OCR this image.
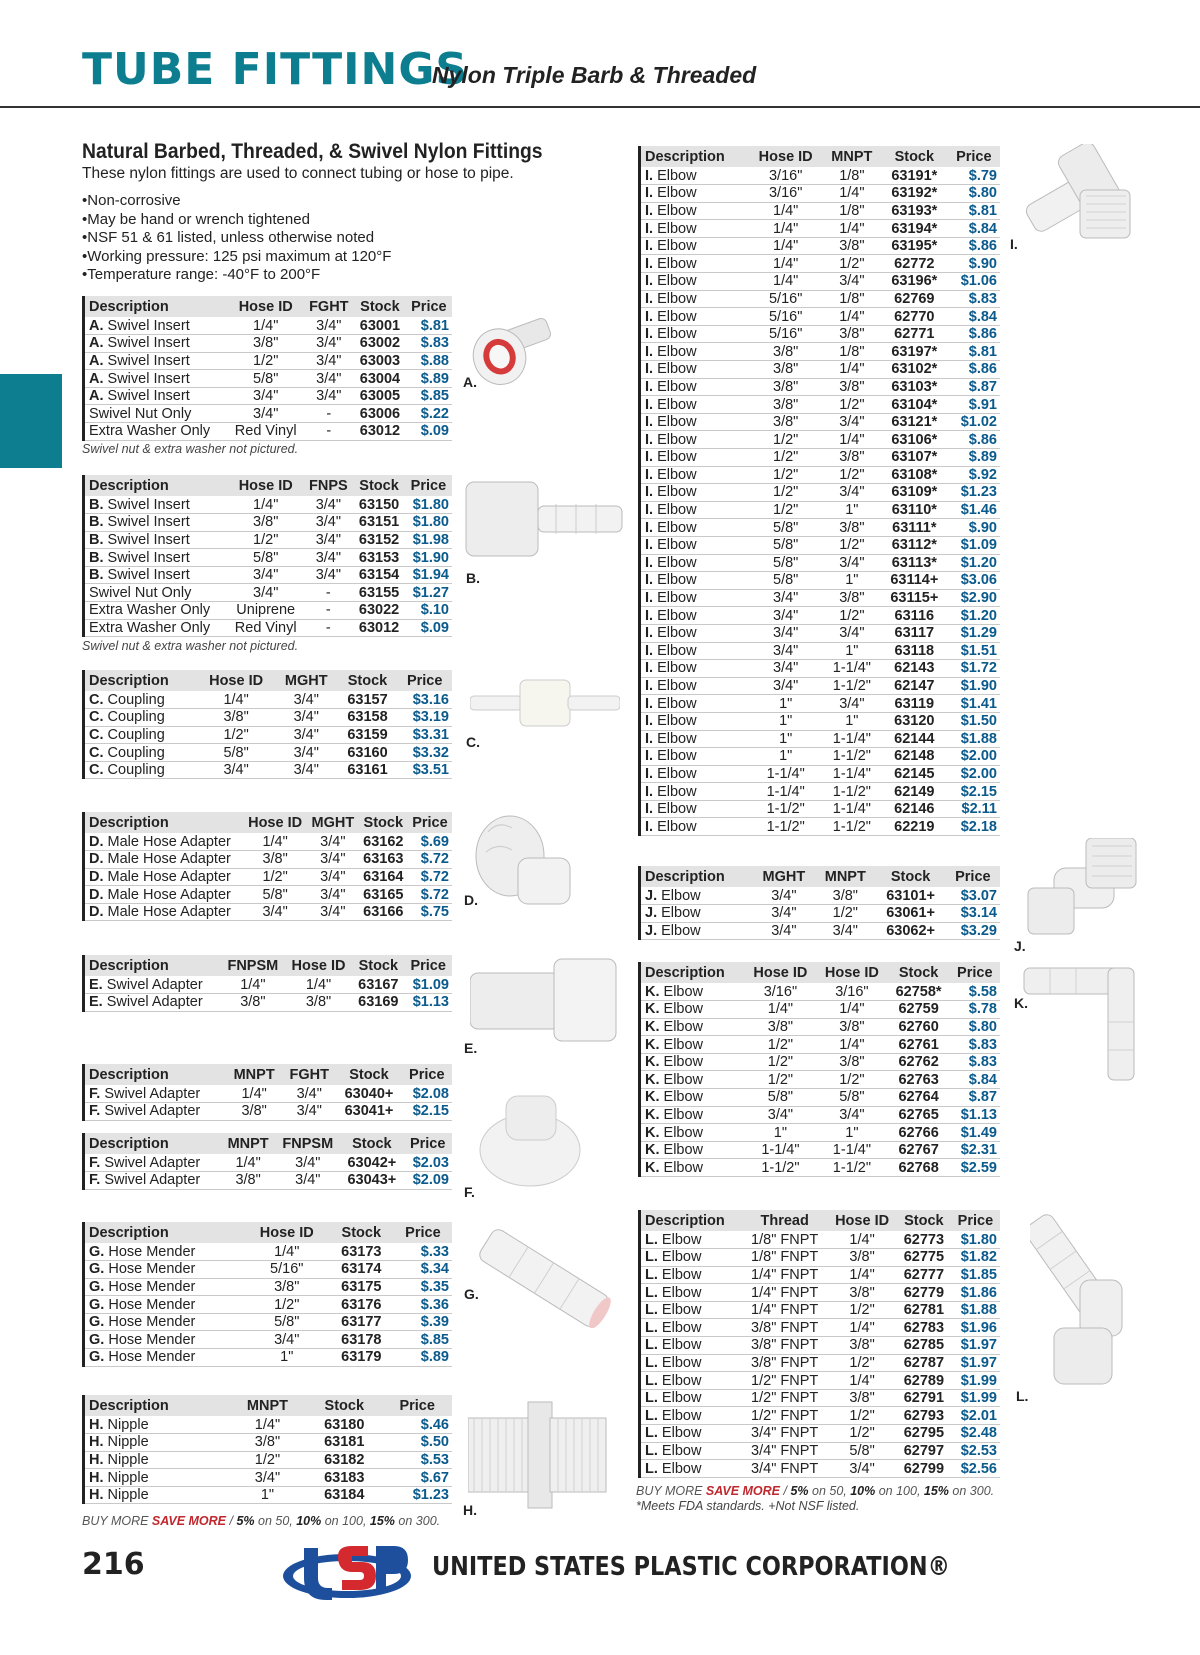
TUBE FITTINGS
Nylon Triple Barb & Threaded
Natural Barbed, Threaded, & Swivel Nylon Fittings

These nylon fittings are used to connect tubing or hose to pipe.

• Non-corrosive
• May be hand or wrench tightened
• NSF 51 & 61 listed, unless otherwise noted
• Working pressure: 125 psi maximum at 120°F
• Temperature range: -40°F to 200°F
Description	Hose ID	FGHT	Stock	Price
A. Swivel Insert	1/4"	3/4"	63001	$.81
A. Swivel Insert	3/8"	3/4"	63002	$.83
A. Swivel Insert	1/2"	3/4"	63003	$.88
A. Swivel Insert	5/8"	3/4"	63004	$.89
A. Swivel Insert	3/4"	3/4"	63005	$.85
Swivel Nut Only	3/4"	-	63006	$.22
Extra Washer Only	Red Vinyl	-	63012	$.09
Swivel nut & extra washer not pictured.
Description	Hose ID	FNPS	Stock	Price
B. Swivel Insert	1/4"	3/4"	63150	$1.80
B. Swivel Insert	3/8"	3/4"	63151	$1.80
B. Swivel Insert	1/2"	3/4"	63152	$1.98
B. Swivel Insert	5/8"	3/4"	63153	$1.90
B. Swivel Insert	3/4"	3/4"	63154	$1.94
Swivel Nut Only	3/4"	-	63155	$1.27
Extra Washer Only	Uniprene	-	63022	$.10
Extra Washer Only	Red Vinyl	-	63012	$.09
Swivel nut & extra washer not pictured.
Description	Hose ID	MGHT	Stock	Price
C. Coupling	1/4"	3/4"	63157	$3.16
C. Coupling	3/8"	3/4"	63158	$3.19
C. Coupling	1/2"	3/4"	63159	$3.31
C. Coupling	5/8"	3/4"	63160	$3.32
C. Coupling	3/4"	3/4"	63161	$3.51
Description	Hose ID	MGHT	Stock	Price
D. Male Hose Adapter	1/4"	3/4"	63162	$.69
D. Male Hose Adapter	3/8"	3/4"	63163	$.72
D. Male Hose Adapter	1/2"	3/4"	63164	$.72
D. Male Hose Adapter	5/8"	3/4"	63165	$.72
D. Male Hose Adapter	3/4"	3/4"	63166	$.75
Description	FNPSM	Hose ID	Stock	Price
E. Swivel Adapter	1/4"	1/4"	63167	$1.09
E. Swivel Adapter	3/8"	3/8"	63169	$1.13
Description	MNPT	FGHT	Stock	Price
F. Swivel Adapter	1/4"	3/4"	63040+	$2.08
F. Swivel Adapter	3/8"	3/4"	63041+	$2.15
Description	MNPT	FNPSM	Stock	Price
F. Swivel Adapter	1/4"	3/4"	63042+	$2.03
F. Swivel Adapter	3/8"	3/4"	63043+	$2.09
Description	Hose ID	Stock	Price
G. Hose Mender	1/4"	63173	$.33
G. Hose Mender	5/16"	63174	$.34
G. Hose Mender	3/8"	63175	$.35
G. Hose Mender	1/2"	63176	$.36
G. Hose Mender	5/8"	63177	$.39
G. Hose Mender	3/4"	63178	$.85
G. Hose Mender	1"	63179	$.89
Description	MNPT	Stock	Price
H. Nipple	1/4"	63180	$.46
H. Nipple	3/8"	63181	$.50
H. Nipple	1/2"	63182	$.53
H. Nipple	3/4"	63183	$.67
H. Nipple	1"	63184	$1.23
BUY MORE SAVE MORE / 5% on 50, 10% on 100, 15% on 300.
Description	Hose ID	MNPT	Stock	Price
I. Elbow	3/16"	1/8"	63191*	$.79
I. Elbow	3/16"	1/4"	63192*	$.80
I. Elbow	1/4"	1/8"	63193*	$.81
I. Elbow	1/4"	1/4"	63194*	$.84
I. Elbow	1/4"	3/8"	63195*	$.86
I. Elbow	1/4"	1/2"	62772	$.90
I. Elbow	1/4"	3/4"	63196*	$1.06
I. Elbow	5/16"	1/8"	62769	$.83
I. Elbow	5/16"	1/4"	62770	$.84
I. Elbow	5/16"	3/8"	62771	$.86
I. Elbow	3/8"	1/8"	63197*	$.81
I. Elbow	3/8"	1/4"	63102*	$.86
I. Elbow	3/8"	3/8"	63103*	$.87
I. Elbow	3/8"	1/2"	63104*	$.91
I. Elbow	3/8"	3/4"	63121*	$1.02
I. Elbow	1/2"	1/4"	63106*	$.86
I. Elbow	1/2"	3/8"	63107*	$.89
I. Elbow	1/2"	1/2"	63108*	$.92
I. Elbow	1/2"	3/4"	63109*	$1.23
I. Elbow	1/2"	1"	63110*	$1.46
I. Elbow	5/8"	3/8"	63111*	$.90
I. Elbow	5/8"	1/2"	63112*	$1.09
I. Elbow	5/8"	3/4"	63113*	$1.20
I. Elbow	5/8"	1"	63114+	$3.06
I. Elbow	3/4"	3/8"	63115+	$2.90
I. Elbow	3/4"	1/2"	63116	$1.20
I. Elbow	3/4"	3/4"	63117	$1.29
I. Elbow	3/4"	1"	63118	$1.51
I. Elbow	3/4"	1-1/4"	62143	$1.72
I. Elbow	3/4"	1-1/2"	62147	$1.90
I. Elbow	1"	3/4"	63119	$1.41
I. Elbow	1"	1"	63120	$1.50
I. Elbow	1"	1-1/4"	62144	$1.88
I. Elbow	1"	1-1/2"	62148	$2.00
I. Elbow	1-1/4"	1-1/4"	62145	$2.00
I. Elbow	1-1/4"	1-1/2"	62149	$2.15
I. Elbow	1-1/2"	1-1/4"	62146	$2.11
I. Elbow	1-1/2"	1-1/2"	62219	$2.18
Description	MGHT	MNPT	Stock	Price
J. Elbow	3/4"	3/8"	63101+	$3.07
J. Elbow	3/4"	1/2"	63061+	$3.14
J. Elbow	3/4"	3/4"	63062+	$3.29
Description	Hose ID	Hose ID	Stock	Price
K. Elbow	3/16"	3/16"	62758*	$.58
K. Elbow	1/4"	1/4"	62759	$.78
K. Elbow	3/8"	3/8"	62760	$.80
K. Elbow	1/2"	1/4"	62761	$.83
K. Elbow	1/2"	3/8"	62762	$.83
K. Elbow	1/2"	1/2"	62763	$.84
K. Elbow	5/8"	5/8"	62764	$.87
K. Elbow	3/4"	3/4"	62765	$1.13
K. Elbow	1"	1"	62766	$1.49
K. Elbow	1-1/4"	1-1/4"	62767	$2.31
K. Elbow	1-1/2"	1-1/2"	62768	$2.59
Description	Thread	Hose ID	Stock	Price
L. Elbow	1/8" FNPT	1/4"	62773	$1.80
L. Elbow	1/8" FNPT	3/8"	62775	$1.82
L. Elbow	1/4" FNPT	1/4"	62777	$1.85
L. Elbow	1/4" FNPT	3/8"	62779	$1.86
L. Elbow	1/4" FNPT	1/2"	62781	$1.88
L. Elbow	3/8" FNPT	1/4"	62783	$1.96
L. Elbow	3/8" FNPT	3/8"	62785	$1.97
L. Elbow	3/8" FNPT	1/2"	62787	$1.97
L. Elbow	1/2" FNPT	1/4"	62789	$1.99
L. Elbow	1/2" FNPT	3/8"	62791	$1.99
L. Elbow	1/2" FNPT	1/2"	62793	$2.01
L. Elbow	3/4" FNPT	1/2"	62795	$2.48
L. Elbow	3/4" FNPT	5/8"	62797	$2.53
L. Elbow	3/4" FNPT	3/4"	62799	$2.56
BUY MORE SAVE MORE / 5% on 50, 10% on 100, 15% on 300.
*Meets FDA standards. +Not NSF listed.
A.
B.
C.
D.
E.
F.
G.
H.
I.
J.
K.
L.
216	UNITED STATES PLASTIC CORPORATION®
